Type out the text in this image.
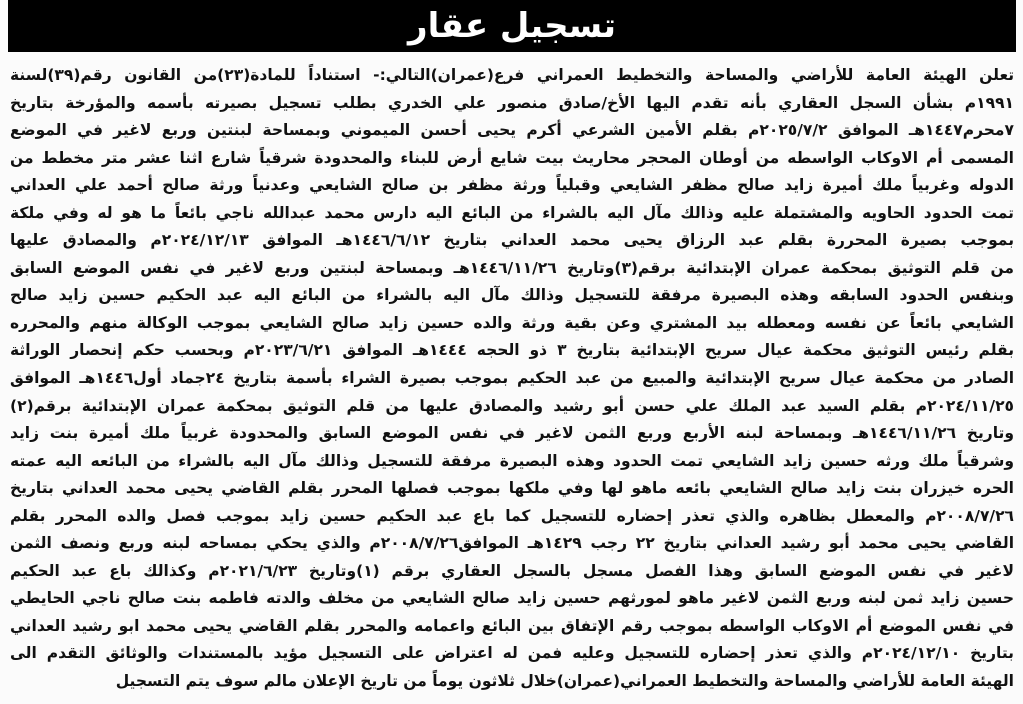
تسجيل عقار
تعلن الهيئة العامة للأراضي والمساحة والتخطيط العمراني فرع(عمران)التالي:- استناداً للمادة(٢٣)من القانون رقم(٣٩)لسنة
١٩٩١م بشأن السجل العقاري بأنه تقدم اليها الأخ/صادق منصور علي الخدري بطلب تسجيل بصيرته بأسمه والمؤرخة بتاريخ
٧محرم١٤٤٧هـ الموافق ٢٠٢٥/٧/٢م بقلم الأمين الشرعي أكرم يحيى أحسن الميموني وبمساحة لبنتين وربع لاغير في الموضع
المسمى أم الاوكاب الواسطه من أوطان المحجر محاريث بيت شايع أرض للبناء والمحدودة شرقياً شارع اثنا عشر متر مخطط من
الدوله وغربياً ملك أميرة زايد صالح مظفر الشايعي وقبلياً ورثة مظفر بن صالح الشايعي وعدنياً ورثة صالح أحمد علي العداني
تمت الحدود الحاويه والمشتملة عليه وذالك مآل اليه بالشراء من البائع اليه دارس محمد عبدالله ناجي بائعاً ما هو له وفي ملكة
بموجب بصيرة المحررة بقلم عبد الرزاق يحيى محمد العداني بتاريخ ١٤٤٦/٦/١٢هـ الموافق ٢٠٢٤/١٢/١٣م والمصادق عليها
من قلم التوثيق بمحكمة عمران الإبتدائية برقم(٣)وتاريخ ١٤٤٦/١١/٢٦هـ وبمساحة لبنتين وربع لاغير في نفس الموضع السابق
وبنفس الحدود السابقه وهذه البصيرة مرفقة للتسجيل وذالك مآل اليه بالشراء من البائع اليه عبد الحكيم حسين زايد صالح
الشايعي بائعاً عن نفسه ومعطله بيد المشتري وعن بقية ورثة والده حسين زايد صالح الشايعي بموجب الوكالة منهم والمحرره
بقلم رئيس التوثيق محكمة عيال سريح الإبتدائية بتاريخ ٣ ذو الحجه ١٤٤٤هـ الموافق ٢٠٢٣/٦/٢١م وبحسب حكم إنحصار الوراثة
الصادر من محكمة عيال سريح الإبتدائية والمبيع من عبد الحكيم بموجب بصيرة الشراء بأسمة بتاريخ ٢٤جماد أول١٤٤٦هـ الموافق
٢٠٢٤/١١/٢٥م بقلم السيد عبد الملك علي حسن أبو رشيد والمصادق عليها من قلم التوثيق بمحكمة عمران الإبتدائية برقم(٢)
وتاريخ ١٤٤٦/١١/٢٦هـ وبمساحة لبنه الأربع وربع الثمن لاغير في نفس الموضع السابق والمحدودة غربياً ملك أميرة بنت زايد
وشرقياً ملك ورثه حسين زايد الشايعي تمت الحدود وهذه البصيرة مرفقة للتسجيل وذالك مآل اليه بالشراء من البائعه اليه عمته
الحره خيزران بنت زايد صالح الشايعي بائعه ماهو لها وفي ملكها بموجب فصلها المحرر بقلم القاضي يحيى محمد العداني بتاريخ
٢٠٠٨/٧/٢٦م والمعطل بظاهره والذي تعذر إحضاره للتسجيل كما باع عبد الحكيم حسين زايد بموجب فصل والده المحرر بقلم
القاضي يحيى محمد أبو رشيد العداني بتاريخ ٢٢ رجب ١٤٢٩هـ الموافق٢٠٠٨/٧/٢٦م والذي يحكي بمساحه لبنه وربع ونصف الثمن
لاغير في نفس الموضع السابق وهذا الفصل مسجل بالسجل العقاري برقم (١)وتاريخ ٢٠٢١/٦/٢٣م وكذالك باع عبد الحكيم
حسين زايد ثمن لبنه وربع الثمن لاغير ماهو لمورثهم حسين زايد صالح الشايعي من مخلف والدته فاطمه بنت صالح ناجي الحايطي
في نفس الموضع أم الاوكاب الواسطه بموجب رقم الإتفاق بين البائع واعمامه والمحرر بقلم القاضي يحيى محمد ابو رشيد العداني
بتاريخ ٢٠٢٤/١٢/١٠م والذي تعذر إحضاره للتسجيل وعليه فمن له اعتراض على التسجيل مؤيد بالمستندات والوثائق التقدم الى
الهيئة العامة للأراضي والمساحة والتخطيط العمراني(عمران)خلال ثلاثون يوماً من تاريخ الإعلان مالم سوف يتم التسجيل
